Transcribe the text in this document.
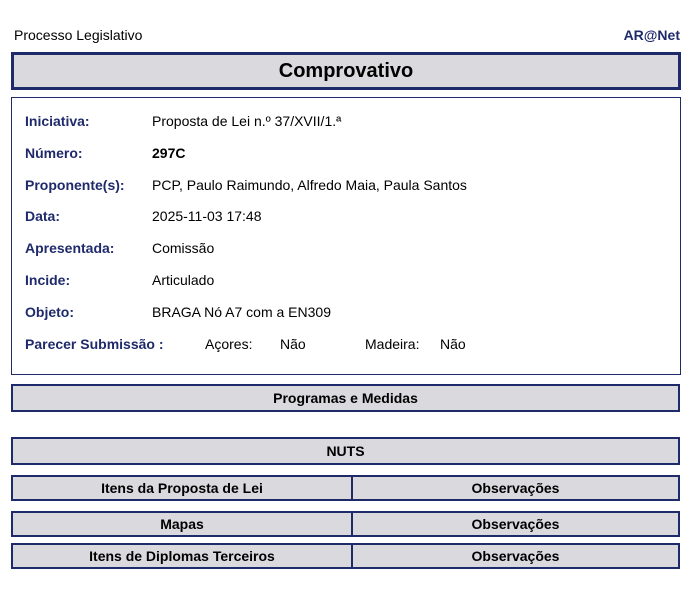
Processo Legislativo	AR@Net
Comprovativo
Iniciativa:	Proposta de Lei n.º 37/XVII/1.ª
Número:	297C
Proponente(s): PCP, Paulo Raimundo, Alfredo Maia, Paula Santos
Data:	2025-11-03 17:48
Apresentada:	Comissão
Incide:	Articulado
Objeto:	BRAGA Nó A7 com a EN309
Parecer Submissão :	Açores: Não	Madeira: Não
Programas e Medidas
NUTS
Itens da Proposta de Lei	Observações
Mapas	Observações
Itens de Diplomas Terceiros	Observações
